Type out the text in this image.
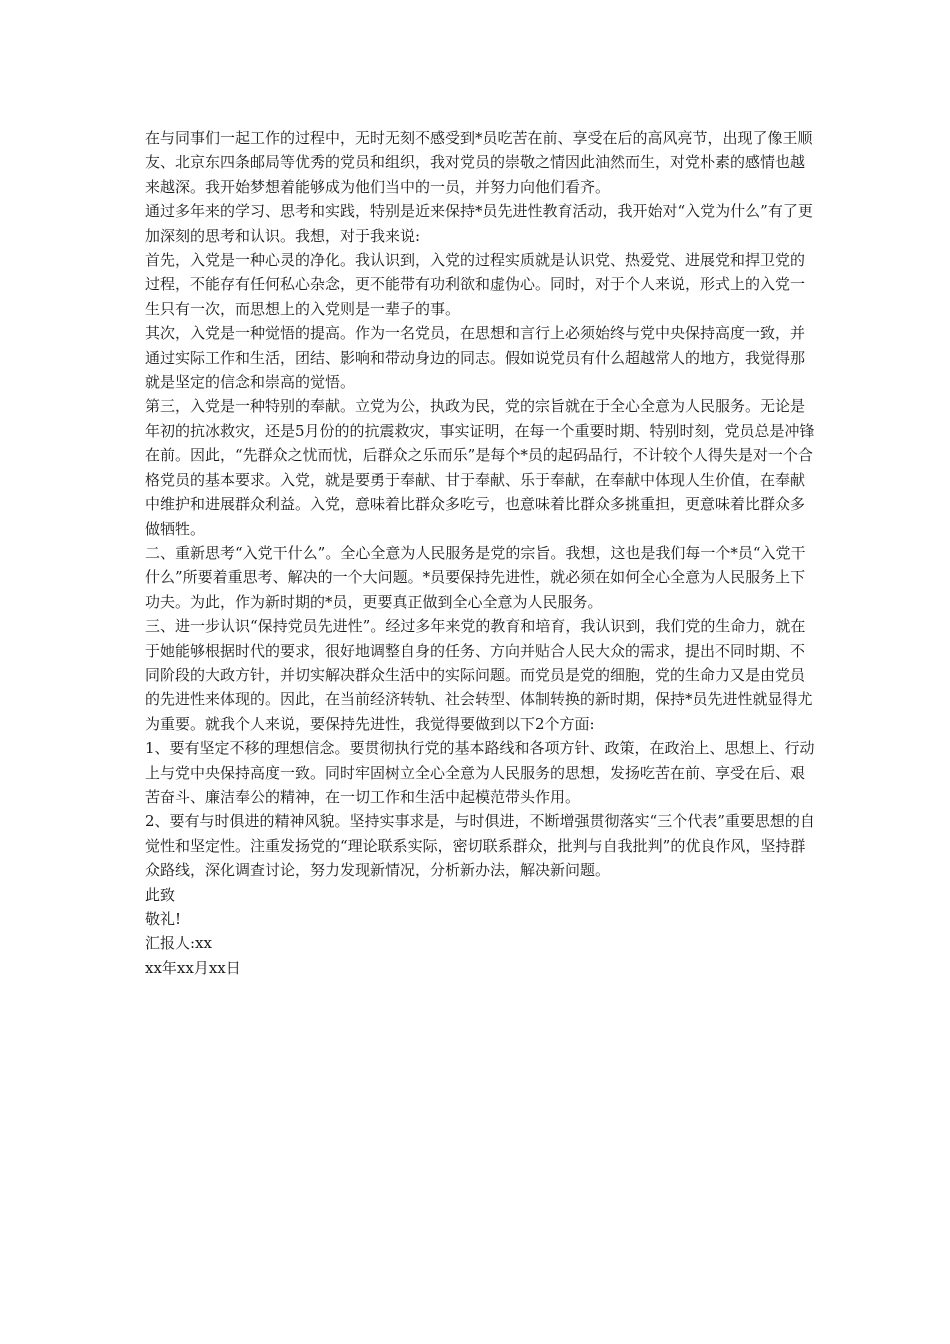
在与同事们一起工作的过程中，无时无刻不感受到*员吃苦在前、享受在后的高风亮节，出现了像王顺友、北京东四条邮局等优秀的党员和组织，我对党员的崇敬之情因此油然而生，对党朴素的感情也越来越深。我开始梦想着能够成为他们当中的一员，并努力向他们看齐。

通过多年来的学习、思考和实践，特别是近来保持*员先进性教育活动，我开始对“入党为什么”有了更加深刻的思考和认识。我想，对于我来说:

首先，入党是一种心灵的净化。我认识到，入党的过程实质就是认识党、热爱党、进展党和捍卫党的过程，不能存有任何私心杂念，更不能带有功利欲和虚伪心。同时，对于个人来说，形式上的入党一生只有一次，而思想上的入党则是一辈子的事。

其次，入党是一种觉悟的提高。作为一名党员，在思想和言行上必须始终与党中央保持高度一致，并通过实际工作和生活，团结、影响和带动身边的同志。假如说党员有什么超越常人的地方，我觉得那就是坚定的信念和崇高的觉悟。

第三，入党是一种特别的奉献。立党为公，执政为民，党的宗旨就在于全心全意为人民服务。无论是年初的抗冰救灾，还是5月份的的抗震救灾，事实证明，在每一个重要时期、特别时刻，党员总是冲锋在前。因此，“先群众之忧而忧，后群众之乐而乐”是每个*员的起码品行，不计较个人得失是对一个合格党员的基本要求。入党，就是要勇于奉献、甘于奉献、乐于奉献，在奉献中体现人生价值，在奉献中维护和进展群众利益。入党，意味着比群众多吃亏，也意味着比群众多挑重担，更意味着比群众多做牺牲。

二、重新思考“入党干什么”。全心全意为人民服务是党的宗旨。我想，这也是我们每一个*员“入党干什么”所要着重思考、解决的一个大问题。*员要保持先进性，就必须在如何全心全意为人民服务上下功夫。为此，作为新时期的*员，更要真正做到全心全意为人民服务。

三、进一步认识“保持党员先进性”。经过多年来党的教育和培育，我认识到，我们党的生命力，就在于她能够根据时代的要求，很好地调整自身的任务、方向并贴合人民大众的需求，提出不同时期、不同阶段的大政方针，并切实解决群众生活中的实际问题。而党员是党的细胞，党的生命力又是由党员的先进性来体现的。因此，在当前经济转轨、社会转型、体制转换的新时期，保持*员先进性就显得尤为重要。就我个人来说，要保持先进性，我觉得要做到以下2个方面:

1、要有坚定不移的理想信念。要贯彻执行党的基本路线和各项方针、政策，在政治上、思想上、行动上与党中央保持高度一致。同时牢固树立全心全意为人民服务的思想，发扬吃苦在前、享受在后、艰苦奋斗、廉洁奉公的精神，在一切工作和生活中起模范带头作用。

2、要有与时俱进的精神风貌。坚持实事求是，与时俱进，不断增强贯彻落实“三个代表”重要思想的自觉性和坚定性。注重发扬党的“理论联系实际，密切联系群众，批判与自我批判”的优良作风，坚持群众路线，深化调查讨论，努力发现新情况，分析新办法，解决新问题。

此致

敬礼!

汇报人:xx

xx年xx月xx日
